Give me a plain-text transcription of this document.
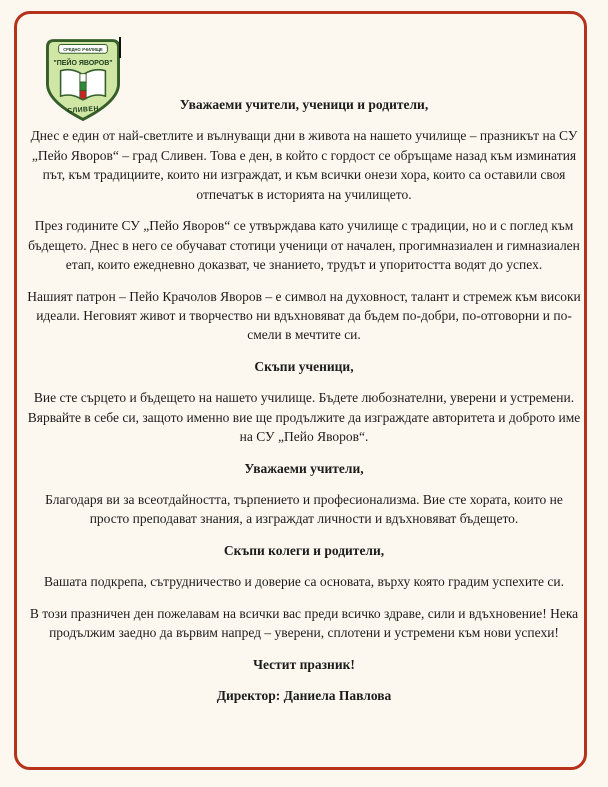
СРЕДНО УЧИЛИЩЕ
"ПЕЙО ЯВОРОВ"
СЛИВЕН	Уважаеми учители, ученици и родители,

Днес е един от най-светлите и вълнуващи дни в живота на нашето училище – празникът на СУ „Пейо Яворов“ – град Сливен. Това е ден, в който с гордост се обръщаме назад към изминатия път, към традициите, които ни изграждат, и към всички онези хора, които са оставили своя отпечатък в историята на училището.

През годините СУ „Пейо Яворов“ се утвърждава като училище с традиции, но и с поглед към бъдещето. Днес в него се обучават стотици ученици от начален, прогимназиален и гимназиален етап, които ежедневно доказват, че знанието, трудът и упоритостта водят до успех.

Нашият патрон – Пейо Крачолов Яворов – е символ на духовност, талант и стремеж към високи идеали. Неговият живот и творчество ни вдъхновяват да бъдем по-добри, по-отговорни и по-смели в мечтите си.

Скъпи ученици,

Вие сте сърцето и бъдещето на нашето училище. Бъдете любознателни, уверени и устремени. Вярвайте в себе си, защото именно вие ще продължите да изграждате авторитета и доброто име на СУ „Пейо Яворов“.

Уважаеми учители,

Благодаря ви за всеотдайността, търпението и професионализма. Вие сте хората, които не просто преподават знания, а изграждат личности и вдъхновяват бъдещето.

Скъпи колеги и родители,

Вашата подкрепа, сътрудничество и доверие са основата, върху която градим успехите си.

В този празничен ден пожелавам на всички вас преди всичко здраве, сили и вдъхновение! Нека продължим заедно да вървим напред – уверени, сплотени и устремени към нови успехи!

Честит празник!

Директор: Даниела Павлова
